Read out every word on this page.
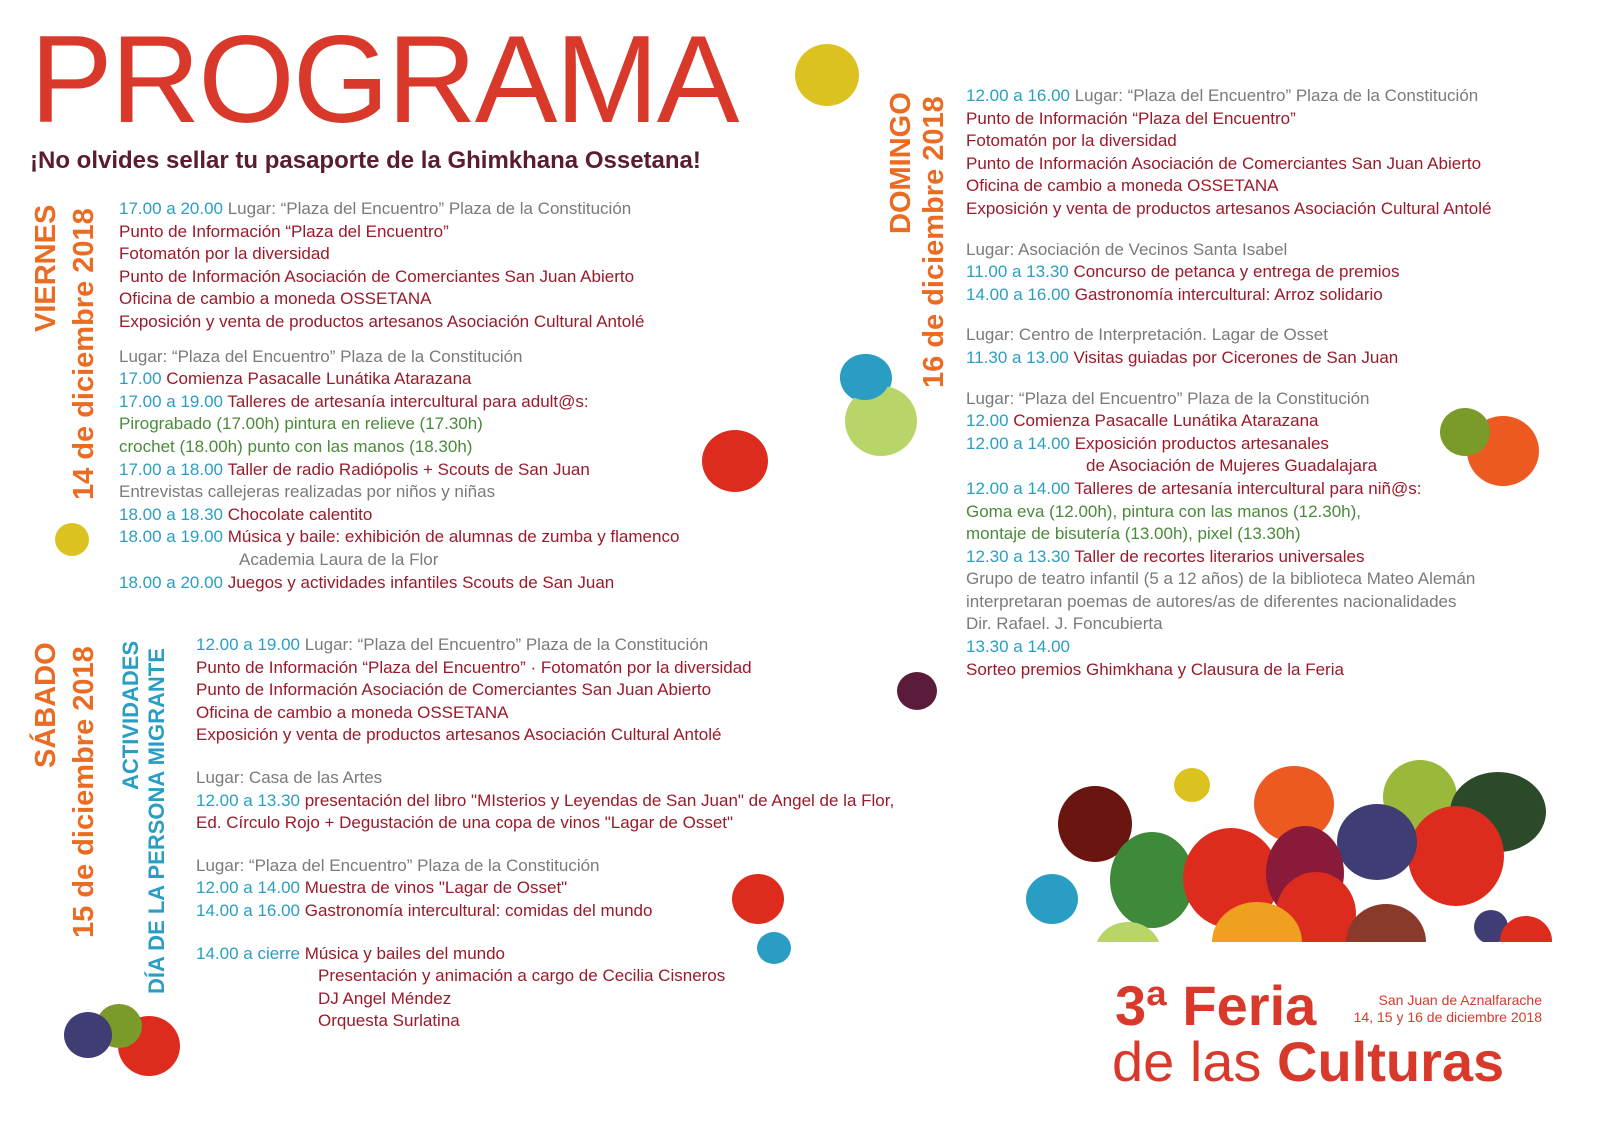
PROGRAMA
¡No olvides sellar tu pasaporte de la Ghimkhana Ossetana!
VIERNES 14 de diciembre 2018
SÁBADO 15 de diciembre 2018 ACTIVIDADES DÍA DE LA PERSONA MIGRANTE
DOMINGO 16 de diciembre 2018
17.00 a 20.00 Lugar: “Plaza del Encuentro” Plaza de la Constitución
Punto de Información “Plaza del Encuentro”
Fotomatón por la diversidad
Punto de Información Asociación de Comerciantes San Juan Abierto
Oficina de cambio a moneda OSSETANA
Exposición y venta de productos artesanos Asociación Cultural Antolé
Lugar: “Plaza del Encuentro” Plaza de la Constitución
17.00 Comienza Pasacalle Lunátika Atarazana
17.00 a 19.00 Talleres de artesanía intercultural para adult@s:
Pirograbado (17.00h) pintura en relieve (17.30h)
crochet (18.00h) punto con las manos (18.30h)
17.00 a 18.00 Taller de radio Radiópolis + Scouts de San Juan
Entrevistas callejeras realizadas por niños y niñas
18.00 a 18.30 Chocolate calentito
18.00 a 19.00 Música y baile: exhibición de alumnas de zumba y flamenco
Academia Laura de la Flor
18.00 a 20.00 Juegos y actividades infantiles Scouts de San Juan
12.00 a 19.00 Lugar: “Plaza del Encuentro” Plaza de la Constitución
Punto de Información “Plaza del Encuentro” · Fotomatón por la diversidad
Punto de Información Asociación de Comerciantes San Juan Abierto
Oficina de cambio a moneda OSSETANA
Exposición y venta de productos artesanos Asociación Cultural Antolé
Lugar: Casa de las Artes
12.00 a 13.30 presentación del libro "MIsterios y Leyendas de San Juan" de Angel de la Flor,
Ed. Círculo Rojo + Degustación de una copa de vinos "Lagar de Osset"
Lugar: “Plaza del Encuentro” Plaza de la Constitución
12.00 a 14.00 Muestra de vinos "Lagar de Osset"
14.00 a 16.00 Gastronomía intercultural: comidas del mundo
14.00 a cierre Música y bailes del mundo
Presentación y animación a cargo de Cecilia Cisneros
DJ Angel Méndez
Orquesta Surlatina
12.00 a 16.00 Lugar: “Plaza del Encuentro” Plaza de la Constitución
Punto de Información “Plaza del Encuentro”
Fotomatón por la diversidad
Punto de Información Asociación de Comerciantes San Juan Abierto
Oficina de cambio a moneda OSSETANA
Exposición y venta de productos artesanos Asociación Cultural Antolé
Lugar: Asociación de Vecinos Santa Isabel
11.00 a 13.30 Concurso de petanca y entrega de premios
14.00 a 16.00 Gastronomía intercultural: Arroz solidario
Lugar: Centro de Interpretación. Lagar de Osset
11.30 a 13.00 Visitas guiadas por Cicerones de San Juan
Lugar: “Plaza del Encuentro” Plaza de la Constitución
12.00 Comienza Pasacalle Lunátika Atarazana
12.00 a 14.00 Exposición productos artesanales
de Asociación de Mujeres Guadalajara
12.00 a 14.00 Talleres de artesanía intercultural para niñ@s:
Goma eva (12.00h), pintura con las manos (12.30h),
montaje de bisutería (13.00h), pixel (13.30h)
12.30 a 13.30 Taller de recortes literarios universales
Grupo de teatro infantil (5 a 12 años) de la biblioteca Mateo Alemán
interpretaran poemas de autores/as de diferentes nacionalidades
Dir. Rafael. J. Foncubierta
13.30 a 14.00
Sorteo premios Ghimkhana y Clausura de la Feria
3ª Feria
de las Culturas
San Juan de Aznalfarache
14, 15 y 16 de diciembre 2018
